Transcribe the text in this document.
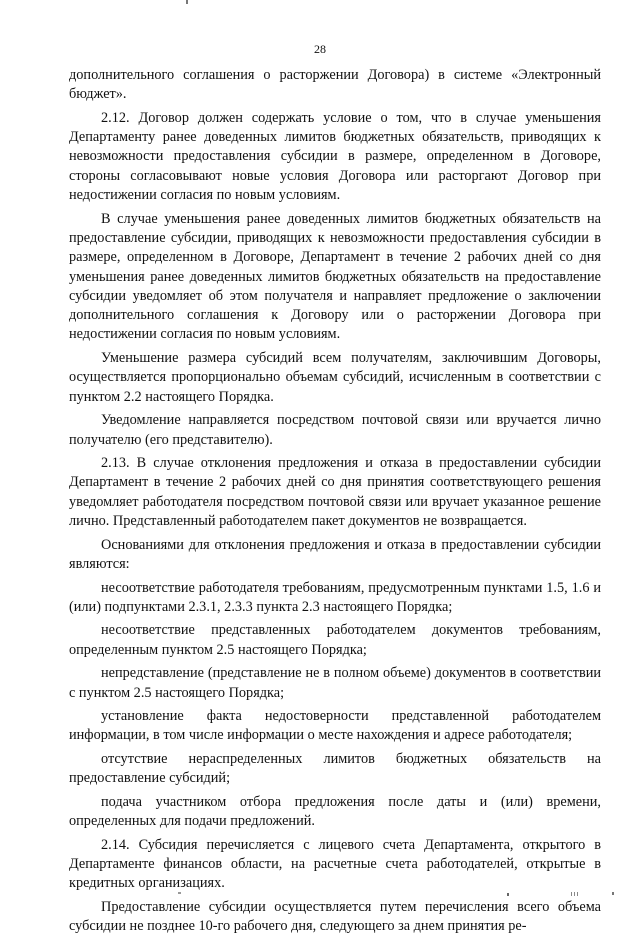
28

дополнительного соглашения о расторжении Договора) в системе «Электронный бюджет».

2.12. Договор должен содержать условие о том, что в случае уменьшения Департаменту ранее доведенных лимитов бюджетных обязательств, приводящих к невозможности предоставления субсидии в размере, определенном в Договоре, стороны согласовывают новые условия Договора или расторгают Договор при недостижении согласия по новым условиям.

В случае уменьшения ранее доведенных лимитов бюджетных обязательств на предоставление субсидии, приводящих к невозможности предоставления субсидии в размере, определенном в Договоре, Департамент в течение 2 рабочих дней со дня уменьшения ранее доведенных лимитов бюджетных обязательств на предоставление субсидии уведомляет об этом получателя и направляет предложение о заключении дополнительного соглашения к Договору или о расторжении Договора при недостижении согласия по новым условиям.

Уменьшение размера субсидий всем получателям, заключившим Договоры, осуществляется пропорционально объемам субсидий, исчисленным в соответствии с пунктом 2.2 настоящего Порядка.

Уведомление направляется посредством почтовой связи или вручается лично получателю (его представителю).

2.13. В случае отклонения предложения и отказа в предоставлении субсидии Департамент в течение 2 рабочих дней со дня принятия соответствующего решения уведомляет работодателя посредством почтовой связи или вручает указанное решение лично. Представленный работодателем пакет документов не возвращается.

Основаниями для отклонения предложения и отказа в предоставлении субсидии являются:

несоответствие работодателя требованиям, предусмотренным пунктами 1.5, 1.6 и (или) подпунктами 2.3.1, 2.3.3 пункта 2.3 настоящего Порядка;

несоответствие представленных работодателем документов требованиям, определенным пунктом 2.5 настоящего Порядка;

непредставление (представление не в полном объеме) документов в соответствии с пунктом 2.5 настоящего Порядка;

установление факта недостоверности представленной работодателем информации, в том числе информации о месте нахождения и адресе работодателя;

отсутствие нераспределенных лимитов бюджетных обязательств на предоставление субсидий;

подача участником отбора предложения после даты и (или) времени, определенных для подачи предложений.

2.14. Субсидия перечисляется с лицевого счета Департамента, открытого в Департаменте финансов области, на расчетные счета работодателей, открытые в кредитных организациях.

Предоставление субсидии осуществляется путем перечисления всего объема субсидии не позднее 10-го рабочего дня, следующего за днем принятия ре-
